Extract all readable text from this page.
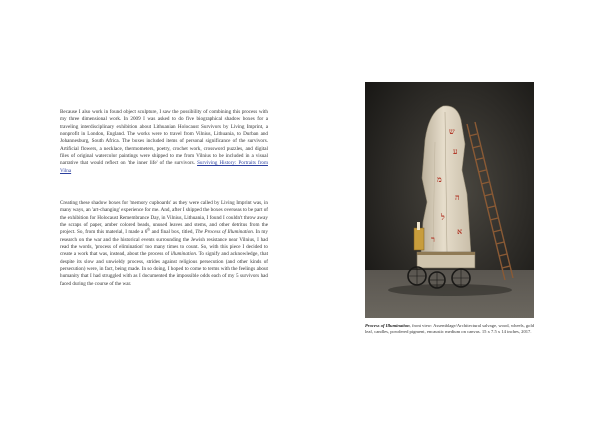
Because I also work in found object sculpture, I saw the possibility of combining this process with my three dimensional work. In 2009 I was asked to do five biographical shadow boxes for a traveling interdisciplinary exhibition about Lithuanian Holocaust Survivors by Living Imprint, a nonprofit in London, England. The works were to travel from Vilnius, Lithuania, to Durban and Johannesburg, South Africa. The boxes included items of personal significance of the survivors. Artificial flowers, a necklace, thermometers, poetry, crochet work, crossword puzzles, and digital files of original watercolor paintings were shipped to me from Vilnius to be included in a visual narrative that would reflect on 'the inner life' of the survivors. Surviving History: Portraits from Vilna

Creating these shadow boxes for 'memory cupboards' as they were called by Living Imprint was, in many ways, an 'art-changing' experience for me. And, after I shipped the boxes overseas to be part of the exhibition for Holocaust Remembrance Day, in Vilnius, Lithuania, I found I couldn't throw away the scraps of paper, amber colored beads, unused leaves and stems, and other detritus from the project. So, from this material, I made a 6th and final box, titled, The Process of Illumination. In my research on the war and the historical events surrounding the Jewish resistance near Vilnius, I had read the words, 'process of elimination' too many times to count. So, with this piece I decided to create a work that was, instead, about the process of illumination. To signify and acknowledge, that despite its slow and unwieldy process, strides against religious persecution (and other kinds of persecution) were, in fact, being made. In so doing, I hoped to come to terms with the feelings about humanity that I had struggled with as I documented the impossible odds each of my 5 survivors had faced during the course of the war.

ש
ע
מ
ה
ל
א
ר

Process of Illumination, front view: Assemblage/Architectural salvage, wood, wheels, gold leaf, candles, powdered pigment, encaustic medium on canvas. 15 x 7.5 x 14 inches, 2017.
